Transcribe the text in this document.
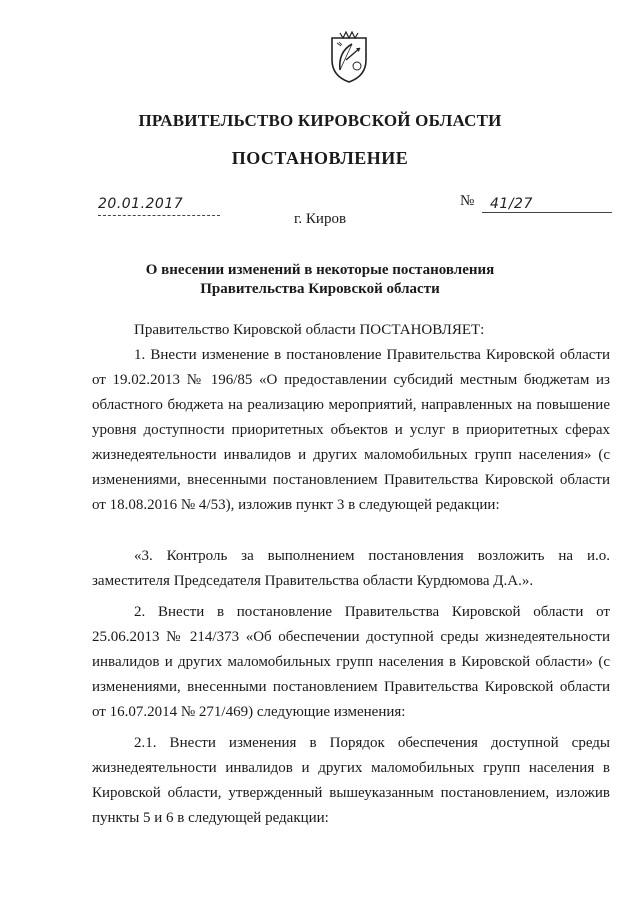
ПРАВИТЕЛЬСТВО КИРОВСКОЙ ОБЛАСТИ
ПОСТАНОВЛЕНИЕ
20.01.2017	№	41/27
г. Киров
О внесении изменений в некоторые постановления
Правительства Кировской области
Правительство Кировской области ПОСТАНОВЛЯЕТ:
1. Внести изменение в постановление Правительства Кировской области от 19.02.2013 № 196/85 «О предоставлении субсидий местным бюджетам из областного бюджета на реализацию мероприятий, направленных на повышение уровня доступности приоритетных объектов и услуг в приоритетных сферах жизнедеятельности инвалидов и других маломобильных групп населения» (с изменениями, внесенными постановлением Правительства Кировской области от 18.08.2016 № 4/53), изложив пункт 3 в следующей редакции:
«3. Контроль за выполнением постановления возложить на и.о. заместителя Председателя Правительства области Курдюмова Д.А.».
2. Внести в постановление Правительства Кировской области от 25.06.2013 № 214/373 «Об обеспечении доступной среды жизнедеятельности инвалидов и других маломобильных групп населения в Кировской области» (с изменениями, внесенными постановлением Правительства Кировской области от 16.07.2014 № 271/469) следующие изменения:
2.1. Внести изменения в Порядок обеспечения доступной среды жизнедеятельности инвалидов и других маломобильных групп населения в Кировской области, утвержденный вышеуказанным постановлением, изложив пункты 5 и 6 в следующей редакции:
